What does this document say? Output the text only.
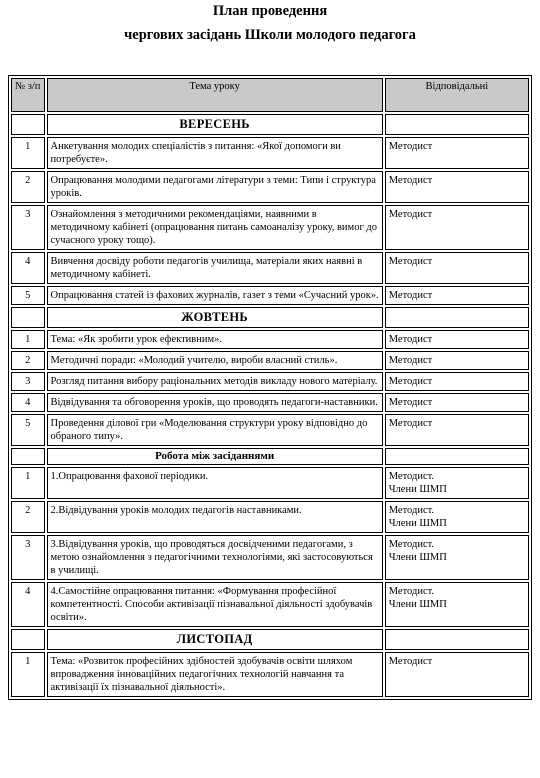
План проведення
чергових засідань Школи молодого педагога
№ з/п	Тема уроку	Відповідальні
	ВЕРЕСЕНЬ	
1	Анкетування молодих спеціалістів з питання: «Якої допомоги ви потребуєте».	Методист

2	Опрацювання молодими педагогами літератури з теми: Типи і структура уроків.	Методист

3	Ознайомлення з методичними рекомендаціями, наявними в методичному кабінеті (опрацювання питань самоаналізу уроку, вимог до сучасного уроку тощо).	Методист

4	Вивчення досвіду роботи педагогів училища, матеріали яких наявні в методичному кабінеті.	Методист

5	Опрацювання статей із фахових журналів, газет з теми «Сучасний урок».	Методист

	ЖОВТЕНЬ	
1	Тема: «Як зробити урок ефективним».	Методист

2	Методичні поради: «Молодий учителю, вироби власний стиль».	Методист

3	Розгляд питання вибору раціональних методів викладу нового матеріалу.	Методист

4	Відвідування та обговорення уроків, що проводять педагоги-наставники.	Методист

5	Проведення ділової гри «Моделювання структури уроку відповідно до обраного типу».	Методист

	Робота між засіданнями	
1	1.Опрацювання фахової періодики.	Методист.
Члени ШМП

2	2.Відвідування уроків молодих педагогів наставниками.	Методист.
Члени ШМП

3	3.Відвідування уроків, що проводяться досвідченими педагогами, з метою ознайомлення з педагогічними технологіями, які застосовуються в училищі.	Методист.
Члени ШМП

4	4.Самостійне опрацювання питання: «Формування професійної компетентності. Способи активізації пізнавальної діяльності здобувачів освіти».	Методист.
Члени ШМП

	ЛИСТОПАД	
1	Тема: «Розвиток професійних здібностей здобувачів освіти шляхом впровадження інноваційних педагогічних технологій навчання та активізації їх пізнавальної діяльності».	Методист
